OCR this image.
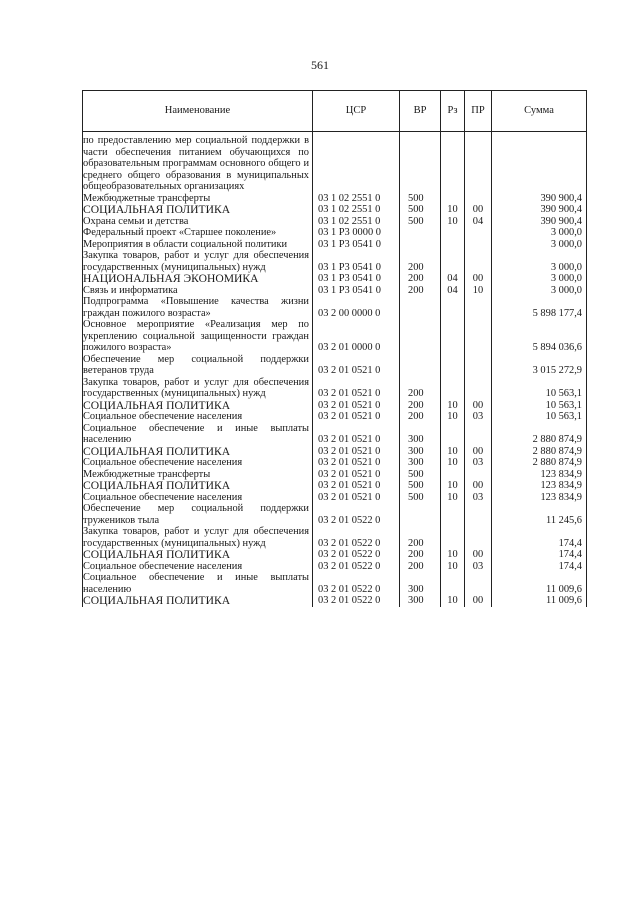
561
Наименование	ЦСР	ВР	Рз	ПР	Сумма
по предоставлению мер социальной поддержки в части обеспечения питанием обучающихся по образовательным программам основного общего и среднего общего образования в муниципальных общеобразовательных организациях					
Межбюджетные трансферты	03 1 02 2551 0	500			390 900,4
СОЦИАЛЬНАЯ ПОЛИТИКА	03 1 02 2551 0	500	10	00	390 900,4
Охрана семьи и детства	03 1 02 2551 0	500	10	04	390 900,4
Федеральный проект «Старшее поколение»	03 1 P3 0000 0				3 000,0
Мероприятия в области социальной политики	03 1 P3 0541 0				3 000,0
Закупка товаров, работ и услуг для обеспечения государственных (муниципальных) нужд	03 1 P3 0541 0	200			3 000,0
НАЦИОНАЛЬНАЯ ЭКОНОМИКА	03 1 P3 0541 0	200	04	00	3 000,0
Связь и информатика	03 1 P3 0541 0	200	04	10	3 000,0
Подпрограмма «Повышение качества жизни граждан пожилого возраста»	03 2 00 0000 0				5 898 177,4
Основное мероприятие «Реализация мер по укреплению социальной защищенности граждан пожилого возраста»	03 2 01 0000 0				5 894 036,6
Обеспечение мер социальной поддержки ветеранов труда	03 2 01 0521 0				3 015 272,9
Закупка товаров, работ и услуг для обеспечения государственных (муниципальных) нужд	03 2 01 0521 0	200			10 563,1
СОЦИАЛЬНАЯ ПОЛИТИКА	03 2 01 0521 0	200	10	00	10 563,1
Социальное обеспечение населения	03 2 01 0521 0	200	10	03	10 563,1
Социальное обеспечение и иные выплаты населению	03 2 01 0521 0	300			2 880 874,9
СОЦИАЛЬНАЯ ПОЛИТИКА	03 2 01 0521 0	300	10	00	2 880 874,9
Социальное обеспечение населения	03 2 01 0521 0	300	10	03	2 880 874,9
Межбюджетные трансферты	03 2 01 0521 0	500			123 834,9
СОЦИАЛЬНАЯ ПОЛИТИКА	03 2 01 0521 0	500	10	00	123 834,9
Социальное обеспечение населения	03 2 01 0521 0	500	10	03	123 834,9
Обеспечение мер социальной поддержки тружеников тыла	03 2 01 0522 0				11 245,6
Закупка товаров, работ и услуг для обеспечения государственных (муниципальных) нужд	03 2 01 0522 0	200			174,4
СОЦИАЛЬНАЯ ПОЛИТИКА	03 2 01 0522 0	200	10	00	174,4
Социальное обеспечение населения	03 2 01 0522 0	200	10	03	174,4
Социальное обеспечение и иные выплаты населению	03 2 01 0522 0	300			11 009,6
СОЦИАЛЬНАЯ ПОЛИТИКА	03 2 01 0522 0	300	10	00	11 009,6
